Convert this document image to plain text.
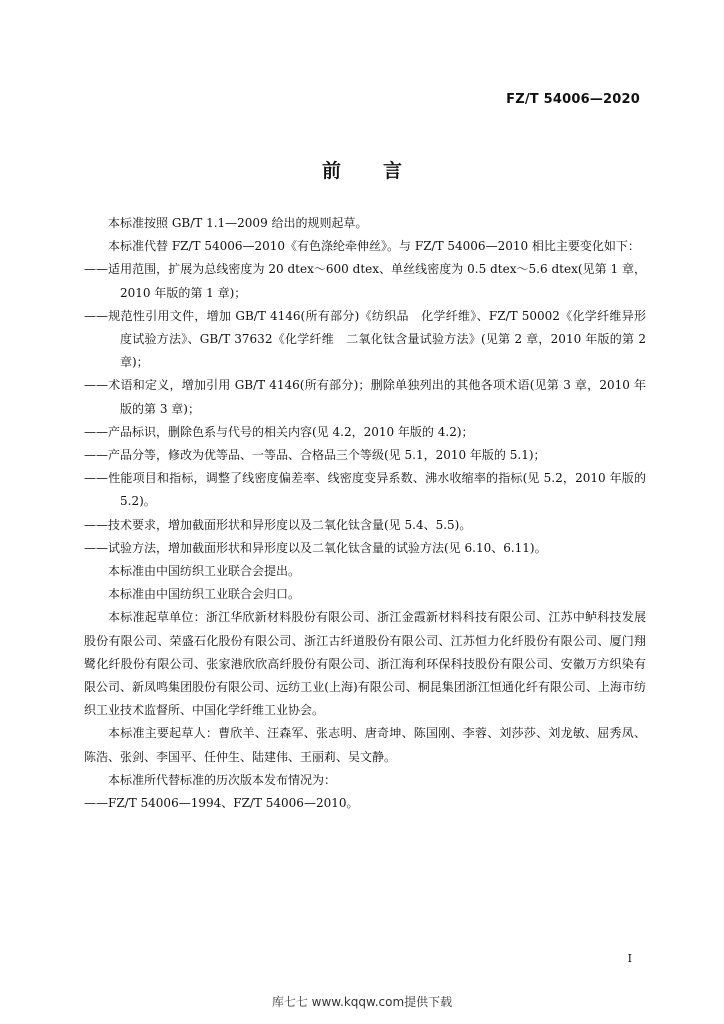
FZ/T 54006—2020
前 言
本标准按照 GB/T 1.1—2009 给出的规则起草。
本标准代替 FZ/T 54006—2010《有色涤纶牵伸丝》。与 FZ/T 54006—2010 相比主要变化如下：
——适用范围，扩展为总线密度为 20 dtex～600 dtex、单丝线密度为 0.5 dtex～5.6 dtex(见第 1 章，2010 年版的第 1 章)；
——规范性引用文件，增加 GB/T 4146(所有部分)《纺织品　化学纤维》、FZ/T 50002《化学纤维异形度试验方法》、GB/T 37632《化学纤维　二氧化钛含量试验方法》(见第 2 章，2010 年版的第 2 章)；
——术语和定义，增加引用 GB/T 4146(所有部分)；删除单独列出的其他各项术语(见第 3 章，2010 年版的第 3 章)；
——产品标识，删除色系与代号的相关内容(见 4.2，2010 年版的 4.2)；
——产品分等，修改为优等品、一等品、合格品三个等级(见 5.1，2010 年版的 5.1)；
——性能项目和指标，调整了线密度偏差率、线密度变异系数、沸水收缩率的指标(见 5.2，2010 年版的 5.2)。
——技术要求，增加截面形状和异形度以及二氧化钛含量(见 5.4、5.5)。
——试验方法，增加截面形状和异形度以及二氧化钛含量的试验方法(见 6.10、6.11)。
本标准由中国纺织工业联合会提出。
本标准由中国纺织工业联合会归口。
本标准起草单位：浙江华欣新材料股份有限公司、浙江金霞新材料科技有限公司、江苏中鲈科技发展股份有限公司、荣盛石化股份有限公司、浙江古纤道股份有限公司、江苏恒力化纤股份有限公司、厦门翔鹭化纤股份有限公司、张家港欣欣高纤股份有限公司、浙江海利环保科技股份有限公司、安徽万方织染有限公司、新凤鸣集团股份有限公司、远纺工业(上海)有限公司、桐昆集团浙江恒通化纤有限公司、上海市纺织工业技术监督所、中国化学纤维工业协会。
本标准主要起草人：曹欣羊、汪森军、张志明、唐奇坤、陈国刚、李蓉、刘莎莎、刘龙敏、屈秀凤、陈浩、张剑、李国平、任仲生、陆建伟、王丽莉、吴文静。
本标准所代替标准的历次版本发布情况为：
——FZ/T 54006—1994、FZ/T 54006—2010。
I
库七七 www.kqqw.com提供下载
